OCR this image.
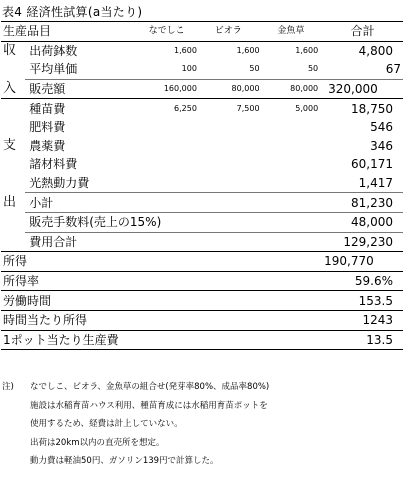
表4 経済性試算(a当たり)
生産品目		なでしこ	ビオラ	金魚草	合計
収	出荷鉢数	1,600	1,600	1,600	4,800
	平均単価	100	50	50	67
入	販売額	160,000	80,000	80,000	320,000
	種苗費	6,250	7,500	5,000	18,750
	肥料費				546
支	農薬費				346
	諸材料費				60,171
	光熱動力費				1,417
出	小計				81,230
	販売手数料(売上の15%)				48,000
	費用合計				129,230
所得					190,770
所得率					59.6%
労働時間					153.5
時間当たり所得					1243
1ポット当たり生産費					13.5
注) なでしこ、ビオラ、金魚草の組合せ(発芽率80%、成品率80%)
施設は水稲育苗ハウス利用、種苗育成には水稲用育苗ポットを
使用するため、経費は計上していない。
出荷は20km以内の直売所を想定。
動力費は軽油50円、ガソリン139円で計算した。
